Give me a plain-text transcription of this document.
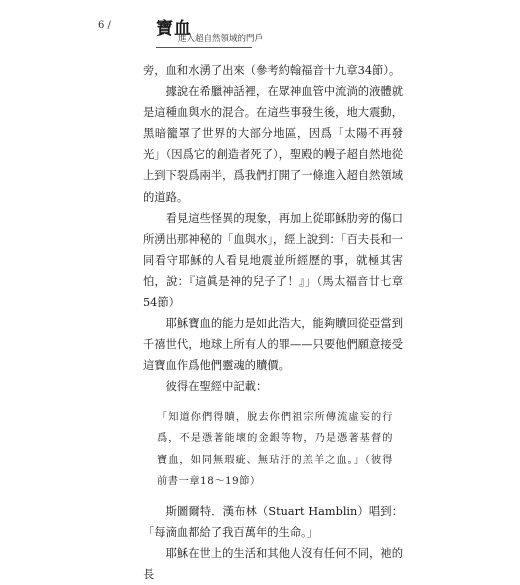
6 /	寶血
進入超自然領域的門戶

旁，血和水湧了出來（參考約翰福音十九章34節）。

據說在希臘神話裡，在眾神血管中流淌的液體就是這種血與水的混合。在這些事發生後，地大震動，黑暗籠罩了世界的大部分地區，因爲「太陽不再發光」（因爲它的創造者死了），聖殿的幔子超自然地從上到下裂爲兩半，爲我們打開了一條進入超自然領域的道路。

看見這些怪異的現象，再加上從耶穌肋旁的傷口所湧出那神秘的「血與水」，經上說到：「百夫長和一同看守耶穌的人看見地震並所經歷的事，就極其害怕，說：『這眞是神的兒子了！』」（馬太福音廿七章54節）

耶穌寶血的能力是如此浩大，能夠贖回從亞當到千禧世代，地球上所有人的罪——只要他們願意接受這寶血作爲他們靈魂的贖價。

彼得在聖經中記載：

「知道你們得贖，脫去你們祖宗所傳流虛妄的行爲，不是憑著能壞的金銀等物，乃是憑著基督的寶血，如同無瑕疵、無玷汙的羔羊之血。」（彼得前書一章18～19節）

斯圖爾特．漢布林（Stuart Hamblin）唱到：「每滴血都給了我百萬年的生命。」

耶穌在世上的生活和其他人沒有任何不同，祂的長
